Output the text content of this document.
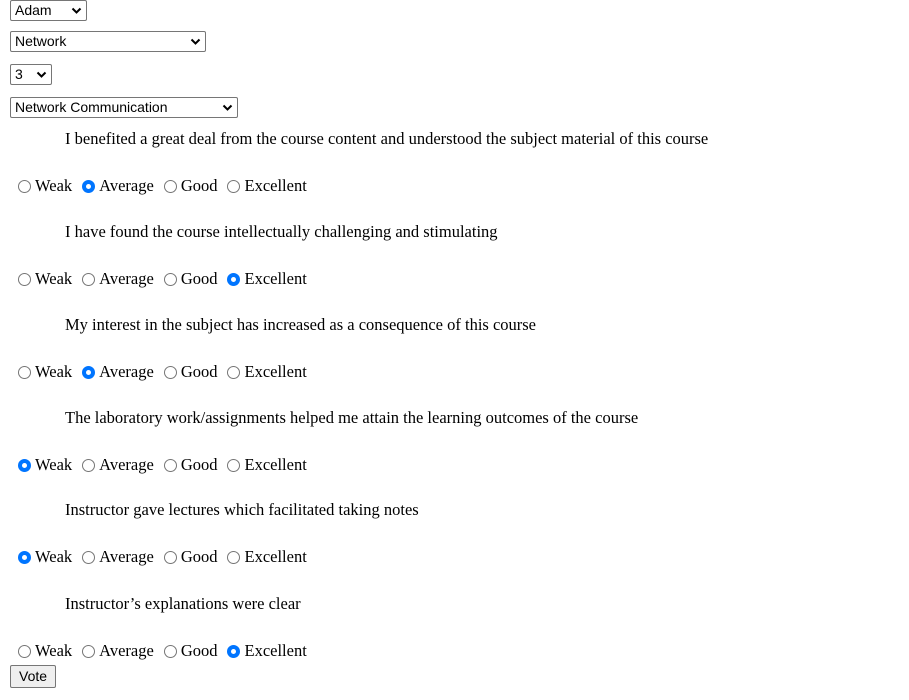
Adam
Network
3
Network Communication
I benefited a great deal from the course content and understood the subject material of this course
Weak Average Good Excellent
I have found the course intellectually challenging and stimulating
Weak Average Good Excellent
My interest in the subject has increased as a consequence of this course
Weak Average Good Excellent
The laboratory work/assignments helped me attain the learning outcomes of the course
Weak Average Good Excellent
Instructor gave lectures which facilitated taking notes
Weak Average Good Excellent
Instructor’s explanations were clear
Weak Average Good Excellent
Vote
